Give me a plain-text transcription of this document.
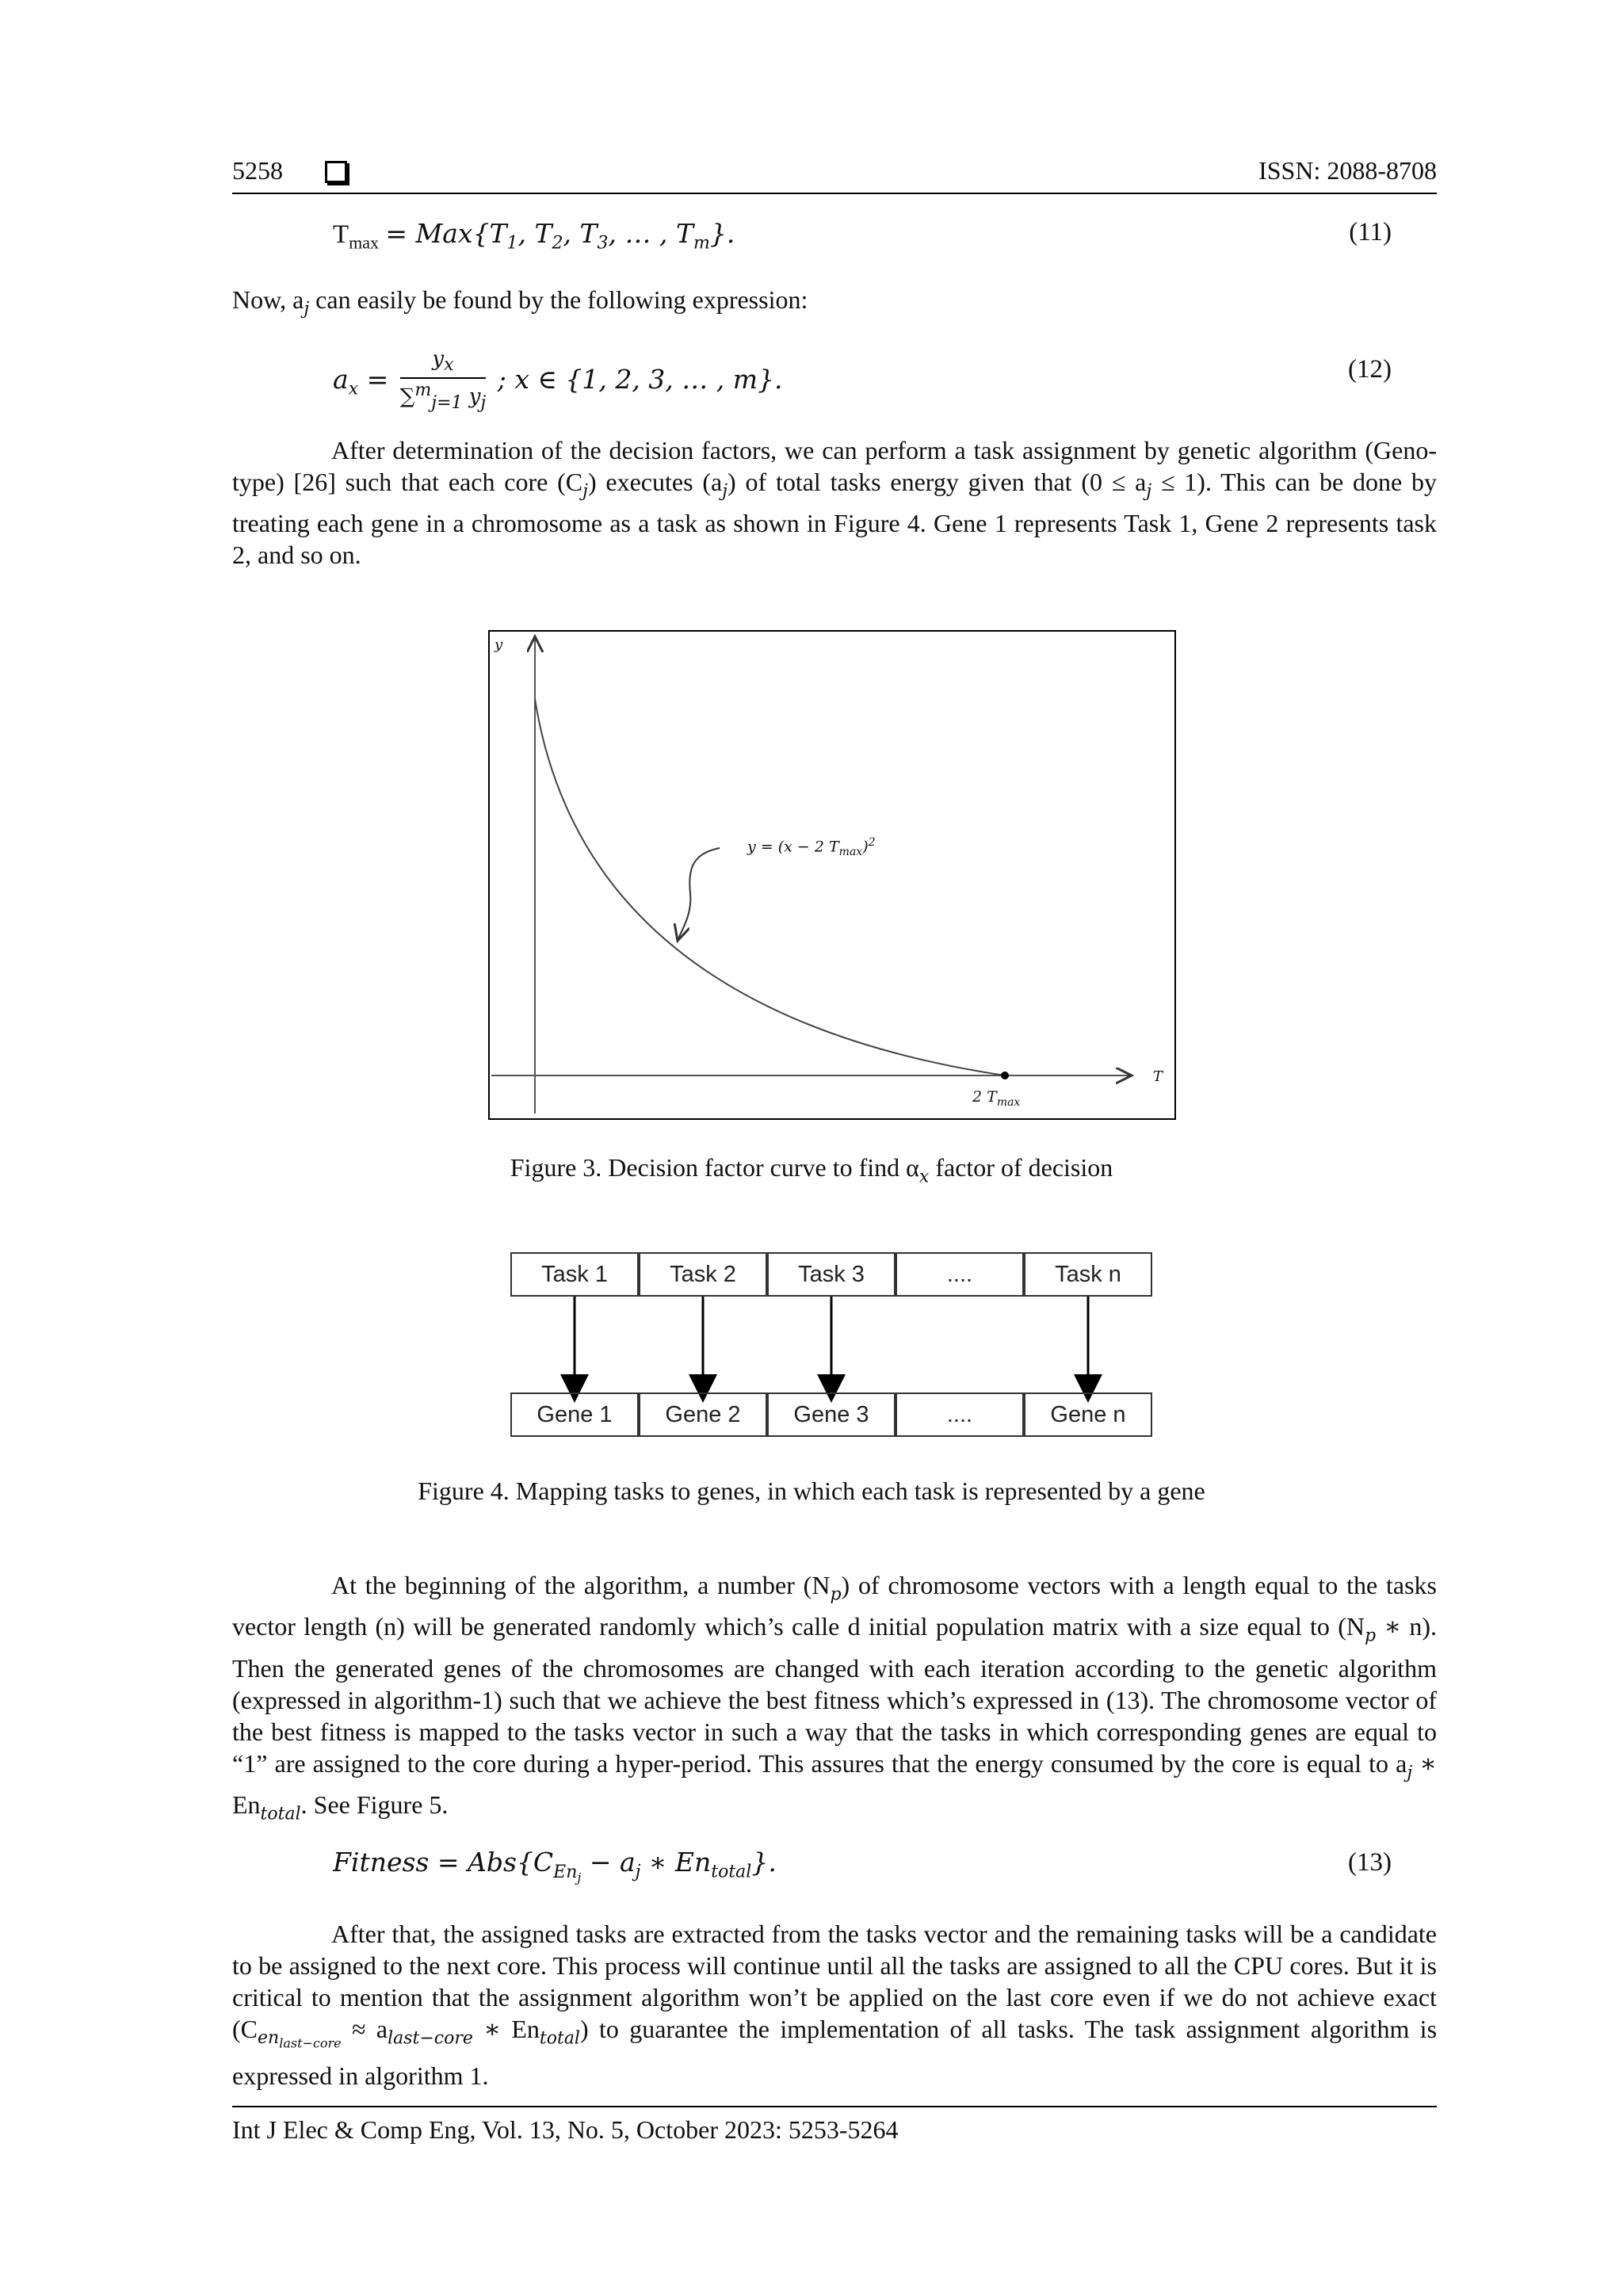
5258	ISSN: 2088-8708
$T_{max} = Max\{T_1$, $T_2$, $T_3$, … , $T_m$}.	(11)
Now, $a_j$ can easily be found by the following expression:
$a_x = \frac{y_x}{\sum^m_{j=1} y_j}$ ; x ∈ {1, 2, 3, … , m}.	(12)
After determination of the decision factors, we can perform a task assignment by genetic algorithm (Geno-type) [26] such that each core $(C_j)$ executes $(a_j)$ of total tasks energy given that $(0 \le a_j \le 1)$. This can be done by treating each gene in a chromosome as a task as shown in Figure 4. Gene 1 represents Task 1, Gene 2 represents task 2, and so on.
y
T
y = (x − 2 $T_{max})^2$
2 $T_{max}$
Figure 3. Decision factor curve to find $\alpha_x$ factor of decision
Task 1	Task 2	Task 3	....	Task n
Gene 1	Gene 2	Gene 3	....	Gene n
Figure 4. Mapping tasks to genes, in which each task is represented by a gene
At the beginning of the algorithm, a number $(N_p)$ of chromosome vectors with a length equal to the tasks vector length (n) will be generated randomly which’s calle d initial population matrix with a size equal to ($N_p$ ∗ n). Then the generated genes of the chromosomes are changed with each iteration according to the genetic algorithm (expressed in algorithm-1) such that we achieve the best fitness which’s expressed in (13). The chromosome vector of the best fitness is mapped to the tasks vector in such a way that the tasks in which corresponding genes are equal to “1” are assigned to the core during a hyper-period. This assures that the energy consumed by the core is equal to $a_j$ ∗ $En_{total}$. See Figure 5.
Fitness = $Abs\{C_{En_j} - a_j$ ∗ $En_{total}$}.	(13)
After that, the assigned tasks are extracted from the tasks vector and the remaining tasks will be a candidate to be assigned to the next core. This process will continue until all the tasks are assigned to all the CPU cores. But it is critical to mention that the assignment algorithm won’t be applied on the last core even if we do not achieve exact ($C_{en_{last-core}} \approx a_{last-core}$ ∗ $En_{total}$) to guarantee the implementation of all tasks. The task assignment algorithm is expressed in algorithm 1.
Int J Elec & Comp Eng, Vol. 13, No. 5, October 2023: 5253-5264
